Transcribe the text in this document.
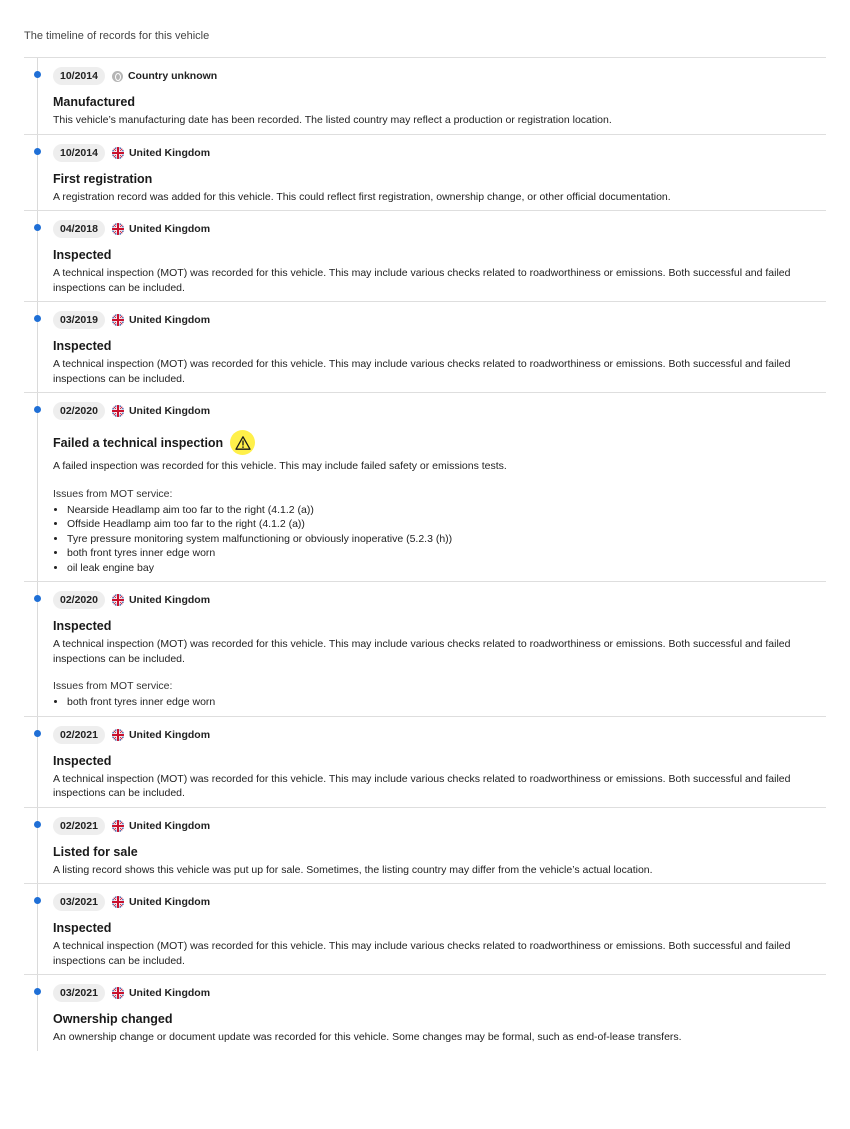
The timeline of records for this vehicle
10/2014	Country unknown
Manufactured
This vehicle’s manufacturing date has been recorded. The listed country may reflect a production or registration location.
10/2014	United Kingdom
First registration
A registration record was added for this vehicle. This could reflect first registration, ownership change, or other official documentation.
04/2018	United Kingdom
Inspected
A technical inspection (MOT) was recorded for this vehicle. This may include various checks related to roadworthiness or emissions. Both successful and failed inspections can be included.
03/2019	United Kingdom
Inspected
A technical inspection (MOT) was recorded for this vehicle. This may include various checks related to roadworthiness or emissions. Both successful and failed inspections can be included.
02/2020	United Kingdom
Failed a technical inspection
A failed inspection was recorded for this vehicle. This may include failed safety or emissions tests.
Issues from MOT service:
• Nearside Headlamp aim too far to the right (4.1.2 (a))
• Offside Headlamp aim too far to the right (4.1.2 (a))
• Tyre pressure monitoring system malfunctioning or obviously inoperative (5.2.3 (h))
• both front tyres inner edge worn
• oil leak engine bay
02/2020	United Kingdom
Inspected
A technical inspection (MOT) was recorded for this vehicle. This may include various checks related to roadworthiness or emissions. Both successful and failed inspections can be included.
Issues from MOT service:
• both front tyres inner edge worn
02/2021	United Kingdom
Inspected
A technical inspection (MOT) was recorded for this vehicle. This may include various checks related to roadworthiness or emissions. Both successful and failed inspections can be included.
02/2021	United Kingdom
Listed for sale
A listing record shows this vehicle was put up for sale. Sometimes, the listing country may differ from the vehicle’s actual location.
03/2021	United Kingdom
Inspected
A technical inspection (MOT) was recorded for this vehicle. This may include various checks related to roadworthiness or emissions. Both successful and failed inspections can be included.
03/2021	United Kingdom
Ownership changed
An ownership change or document update was recorded for this vehicle. Some changes may be formal, such as end-of-lease transfers.
